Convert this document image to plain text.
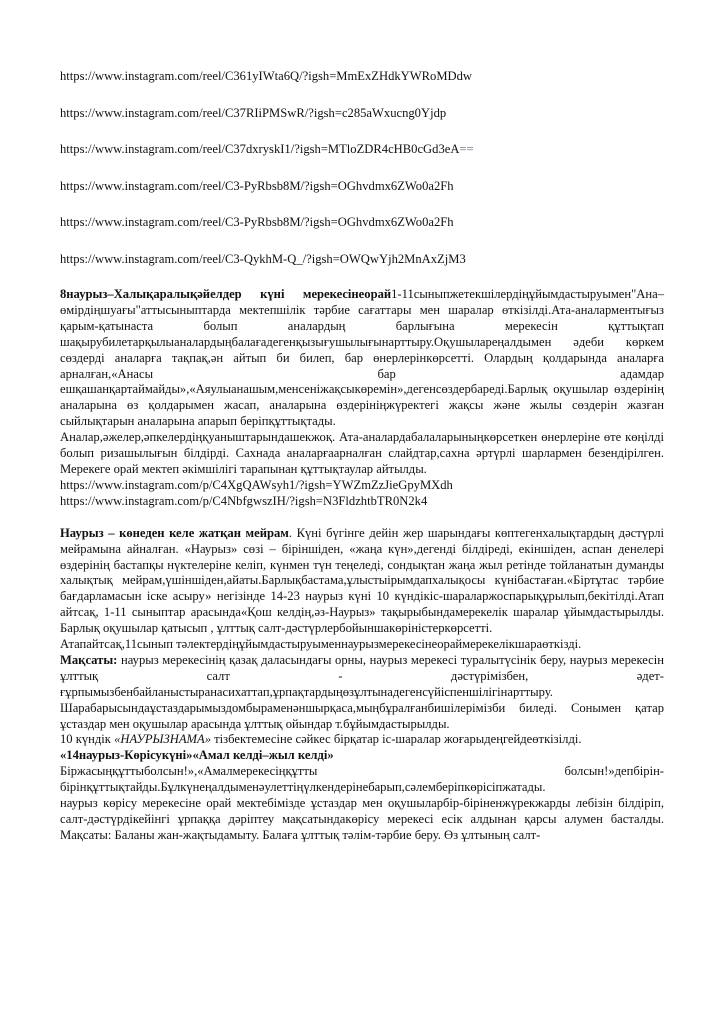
https://www.instagram.com/reel/C361yIWta6Q/?igsh=MmExZHdkYWRoMDdw
https://www.instagram.com/reel/C37RIiPMSwR/?igsh=c285aWxucng0Yjdp
https://www.instagram.com/reel/C37dxryskI1/?igsh=MTloZDR4cHB0cGd3eA==
https://www.instagram.com/reel/C3-PyRbsb8M/?igsh=OGhvdmx6ZWo0a2Fh
https://www.instagram.com/reel/C3-PyRbsb8M/?igsh=OGhvdmx6ZWo0a2Fh
https://www.instagram.com/reel/C3-QykhM-Q_/?igsh=OWQwYjh2MnAxZjM3
8наурыз–Халықаралықәйелдер күні мерекесінеорай1-11сыныпжетекшілердіңұйымдастыруымен"Ана–өмірдіңшуағы"аттысыныптарда мектепшілік тәрбие сағаттары мен шаралар өткізілді.Ата-аналарментығыз қарым-қатынаста болып аналардың барлығына мерекесін құттықтап шақырубилетарқылыаналардыңбалағадегенқызығушылығынарттыру.Оқушылареңалдымен әдеби көркем сөздерді аналарға тақпақ,ән айтып би билеп, бар өнерлерінкөрсетті. Олардың қолдарында аналарға арналған,«Анасы бар адамдар ешқашанқартаймайды»,«Аяулыанашым,менсеніжақсыкөремін»,дегенсөздербареді.Барлық оқушылар өздерінің аналарына өз қолдарымен жасап, аналарына өздерініңжүректегі жақсы және жылы сөздерін жазған сыйлықтарын аналарына апарып беріпқұттықтады.
Аналар,әжелер,әпкелердіңқуаныштарындашекжоқ. Ата-аналардабалаларыныңкөрсеткен өнерлеріне өте көңілді болып ризашылығын білдірді. Сахнада аналарғаарналған слайдтар,сахна әртүрлі шарлармен безендірілген. Мерекеге орай мектеп әкімшілігі тарапынан құттықтаулар айтылды.
https://www.instagram.com/p/C4XgQAWsyh1/?igsh=YWZmZzJieGpyMXdh
https://www.instagram.com/p/C4NbfgwszIH/?igsh=N3FldzhtbTR0N2k4
Наурыз – көнеден келе жатқан мейрам. Күні бүгінге дейін жер шарындағы көптегенхалықтардың дәстүрлі мейрамына айналған. «Наурыз» сөзі – біріншіден, «жаңа күн»,дегенді білдіреді, екіншіден, аспан денелері өздерінің бастапқы нүктелеріне келіп, күнмен түн теңеледі, сондықтан жаңа жыл ретінде тойланатын думанды халықтық мейрам,үшіншіден,айаты.Барлықбастама,ұлыстыірымдапхалықосы күнібастаған.«Біртұтас тәрбие бағдарламасын іске асыру» негізінде 14-23 наурыз күні 10 күндікіс-шараларжоспарықұрылып,бекітілді.Атап айтсақ, 1-11 сыныптар арасында«Қош келдің,әз-Наурыз» тақырыбындамерекелік шаралар ұйымдастырылды. Барлық оқушылар қатысып , ұлттық салт-дәстүрлербойыншакөріністеркөрсетті.
Атапайтсақ,11сынып тәлектердіңұйымдастыруыменнаурызмерекесінеораймерекелікшараөткізді.
Мақсаты: наурыз мерекесінің қазақ даласындағы орны, наурыз мерекесі туралытүсінік беру, наурыз мерекесін ұлттық салт - дәстүрімізбен, әдет-ғұрпымызбенбайланыстыранасихаттап,ұрпақтардыңөзұлтынадегенсүйіспеншілігінарттыру.
Шарабарысындаұстаздарымыздомбыраменәншырқаса,мыңбұралғанбишілерімізби биледі. Сонымен қатар ұстаздар мен оқушылар арасында ұлттық ойындар т.бұйымдастырылды.
10 күндік «НАУРЫЗНАМА» тізбектемесіне сәйкес бірқатар іс-шаралар жоғарыдеңгейдеөткізілді.
«14наурыз-Көрісукүні»«Амал келді–жыл келді»
Біржасыңқұттыболсын!»,«Амалмерекесіңқұтты болсын!»депбірін-бірінқұттықтайды.Бұлкүнеңалдыменәулеттіңүлкендерінебарып,сәлемберіпкөрісіпжатады.
наурыз көрісу мерекесіне орай мектебімізде ұстаздар мен оқушыларбір-біріненжүрекжарды лебізін білдіріп, салт-дәстүрдікейінгі ұрпаққа дәріптеу мақсатындакөрісу мерекесі есік алдынан қарсы алумен басталды. Мақсаты: Баланы жан-жақтыдамыту. Балаға ұлттық тәлім-тәрбие беру. Өз ұлтының салт-
